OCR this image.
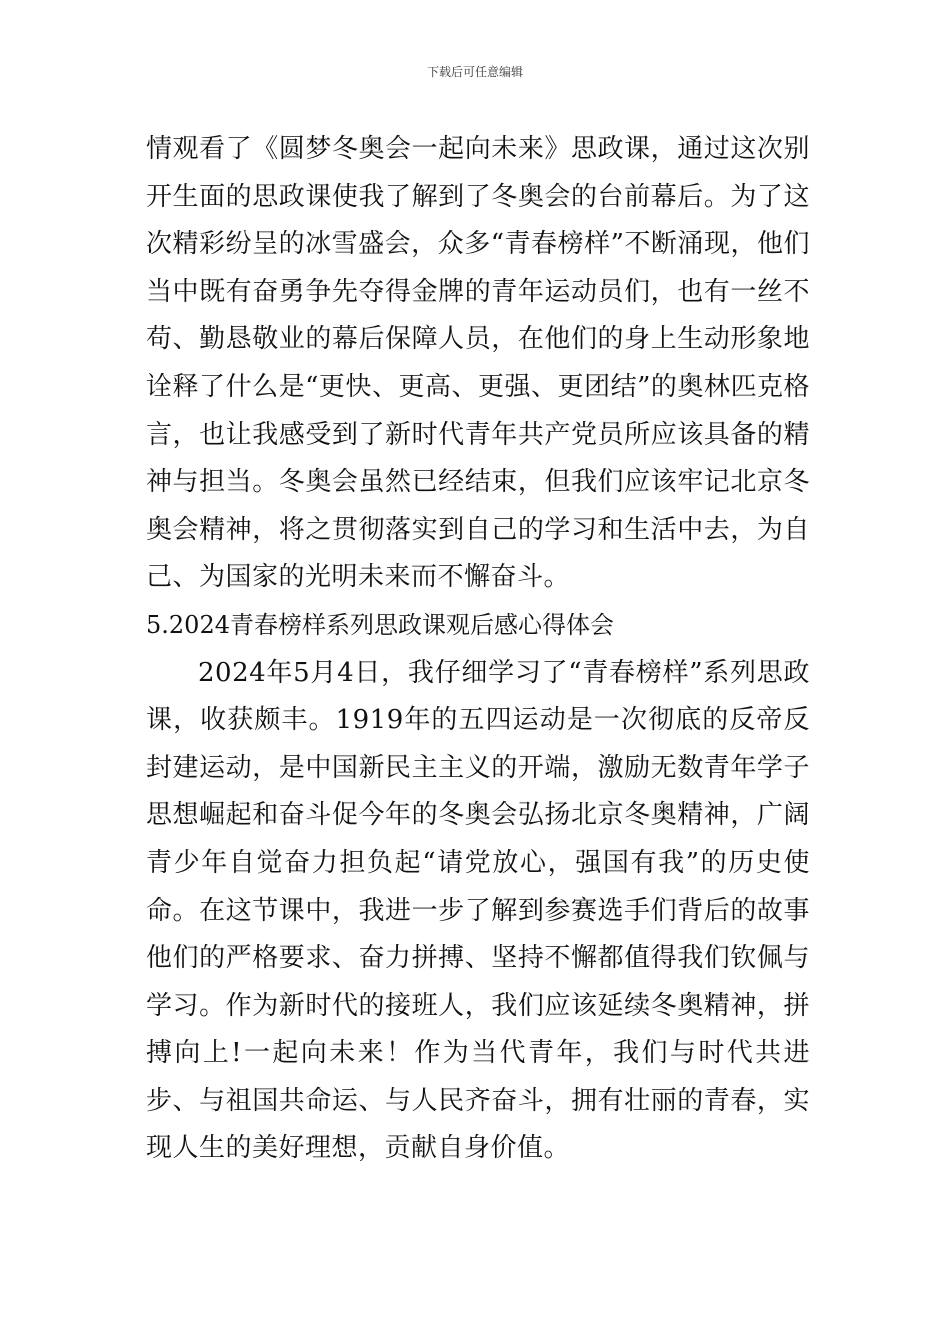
下载后可任意编辑

情观看了《圆梦冬奥会一起向未来》思政课，通过这次别开生面的思政课使我了解到了冬奥会的台前幕后。为了这次精彩纷呈的冰雪盛会，众多“青春榜样”不断涌现，他们当中既有奋勇争先夺得金牌的青年运动员们，也有一丝不苟、勤恳敬业的幕后保障人员，在他们的身上生动形象地诠释了什么是“更快、更高、更强、更团结”的奥林匹克格言，也让我感受到了新时代青年共产党员所应该具备的精神与担当。冬奥会虽然已经结束，但我们应该牢记北京冬奥会精神，将之贯彻落实到自己的学习和生活中去，为自己、为国家的光明未来而不懈奋斗。

5.2024青春榜样系列思政课观后感心得体会

2024年5月4日，我仔细学习了“青春榜样”系列思政课，收获颇丰。1919年的五四运动是一次彻底的反帝反封建运动，是中国新民主主义的开端，激励无数青年学子思想崛起和奋斗促今年的冬奥会弘扬北京冬奥精神，广阔青少年自觉奋力担负起“请党放心，强国有我”的历史使命。在这节课中，我进一步了解到参赛选手们背后的故事他们的严格要求、奋力拼搏、坚持不懈都值得我们钦佩与学习。作为新时代的接班人，我们应该延续冬奥精神，拼搏向上!一起向未来！作为当代青年，我们与时代共进步、与祖国共命运、与人民齐奋斗，拥有壮丽的青春，实现人生的美好理想，贡献自身价值。
